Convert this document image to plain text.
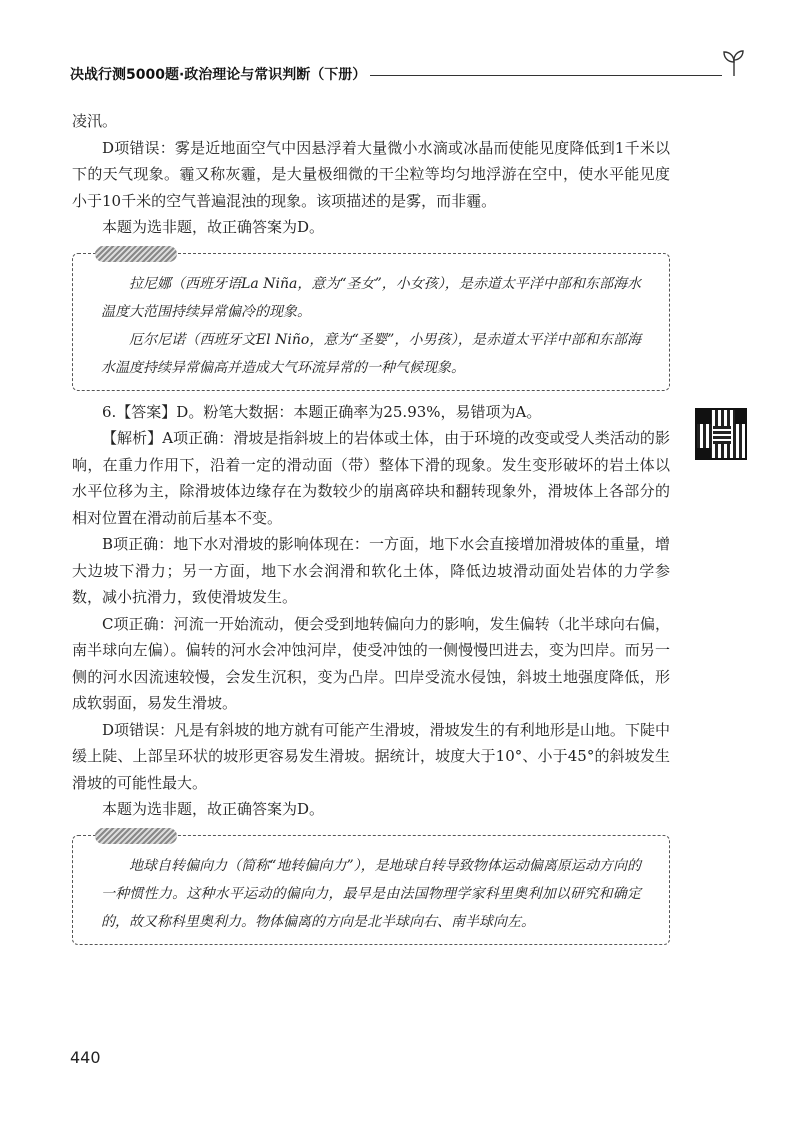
决战行测5000题·政治理论与常识判断（下册）

凌汛。

D项错误：雾是近地面空气中因悬浮着大量微小水滴或冰晶而使能见度降低到1千米以下的天气现象。霾又称灰霾，是大量极细微的干尘粒等均匀地浮游在空中，使水平能见度小于10千米的空气普遍混浊的现象。该项描述的是雾，而非霾。

本题为选非题，故正确答案为D。

拉尼娜（西班牙语La Niña，意为“圣女”，小女孩），是赤道太平洋中部和东部海水温度大范围持续异常偏冷的现象。

厄尔尼诺（西班牙文El Niño，意为“圣婴”，小男孩），是赤道太平洋中部和东部海水温度持续异常偏高并造成大气环流异常的一种气候现象。

6.【答案】D。粉笔大数据：本题正确率为25.93%，易错项为A。

【解析】A项正确：滑坡是指斜坡上的岩体或土体，由于环境的改变或受人类活动的影响，在重力作用下，沿着一定的滑动面（带）整体下滑的现象。发生变形破坏的岩土体以水平位移为主，除滑坡体边缘存在为数较少的崩离碎块和翻转现象外，滑坡体上各部分的相对位置在滑动前后基本不变。

B项正确：地下水对滑坡的影响体现在：一方面，地下水会直接增加滑坡体的重量，增大边坡下滑力；另一方面，地下水会润滑和软化土体，降低边坡滑动面处岩体的力学参数，减小抗滑力，致使滑坡发生。

C项正确：河流一开始流动，便会受到地转偏向力的影响，发生偏转（北半球向右偏，南半球向左偏）。偏转的河水会冲蚀河岸，使受冲蚀的一侧慢慢凹进去，变为凹岸。而另一侧的河水因流速较慢，会发生沉积，变为凸岸。凹岸受流水侵蚀，斜坡土地强度降低，形成软弱面，易发生滑坡。

D项错误：凡是有斜坡的地方就有可能产生滑坡，滑坡发生的有利地形是山地。下陡中缓上陡、上部呈环状的坡形更容易发生滑坡。据统计，坡度大于10°、小于45°的斜坡发生滑坡的可能性最大。

本题为选非题，故正确答案为D。

地球自转偏向力（简称“地转偏向力”），是地球自转导致物体运动偏离原运动方向的一种惯性力。这种水平运动的偏向力，最早是由法国物理学家科里奥利加以研究和确定的，故又称科里奥利力。物体偏离的方向是北半球向右、南半球向左。

440
